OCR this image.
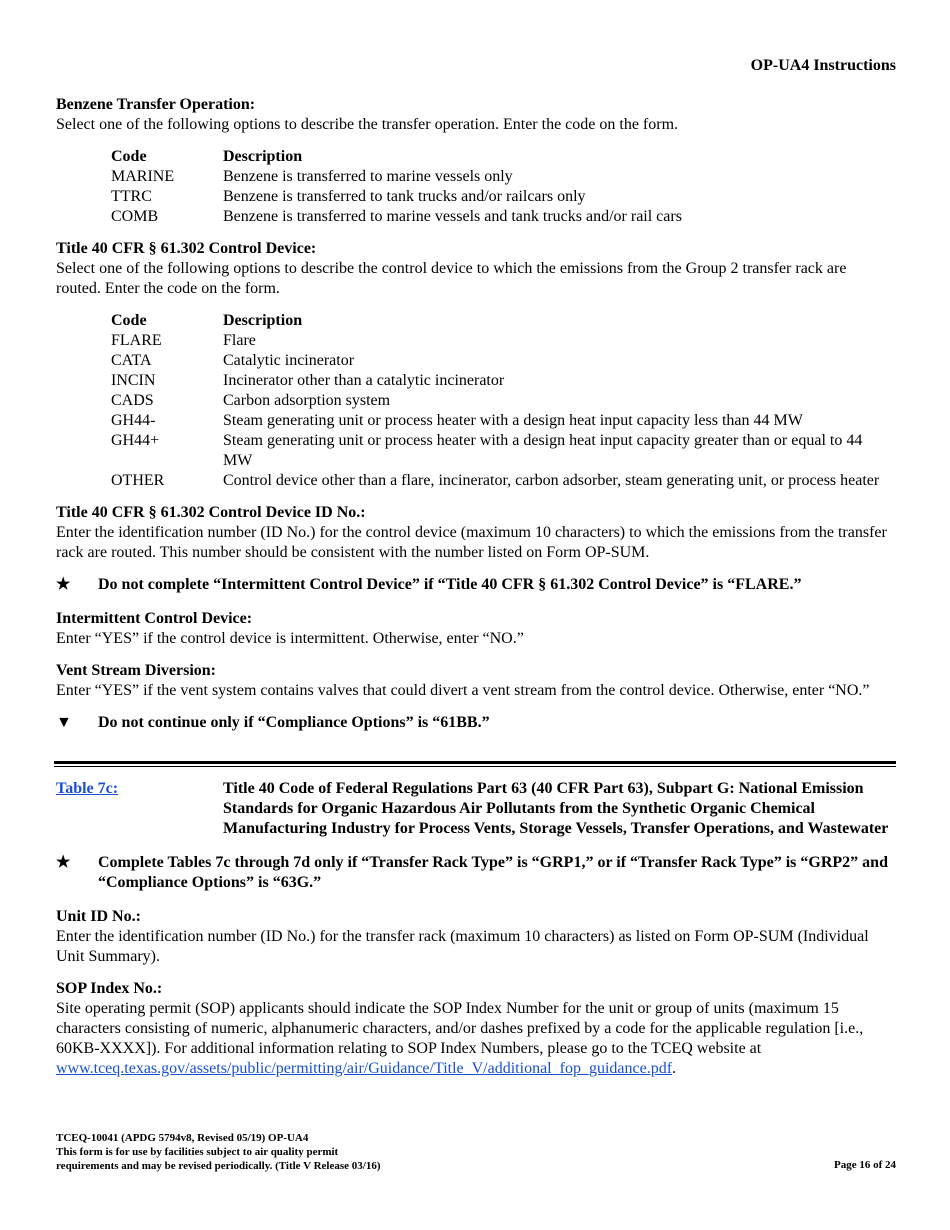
OP-UA4 Instructions
Benzene Transfer Operation:

Select one of the following options to describe the transfer operation. Enter the code on the form.

Code	Description
MARINE	Benzene is transferred to marine vessels only
TTRC	Benzene is transferred to tank trucks and/or railcars only
COMB	Benzene is transferred to marine vessels and tank trucks and/or rail cars
Title 40 CFR § 61.302 Control Device:

Select one of the following options to describe the control device to which the emissions from the Group 2 transfer rack are routed. Enter the code on the form.

Code	Description
FLARE	Flare
CATA	Catalytic incinerator
INCIN	Incinerator other than a catalytic incinerator
CADS	Carbon adsorption system
GH44-	Steam generating unit or process heater with a design heat input capacity less than 44 MW
GH44+	Steam generating unit or process heater with a design heat input capacity greater than or equal to 44 MW
OTHER	Control device other than a flare, incinerator, carbon adsorber, steam generating unit, or process heater
Title 40 CFR § 61.302 Control Device ID No.:

Enter the identification number (ID No.) for the control device (maximum 10 characters) to which the emissions from the transfer rack are routed. This number should be consistent with the number listed on Form OP-SUM.

★	Do not complete “Intermittent Control Device” if “Title 40 CFR § 61.302 Control Device” is “FLARE.”
Intermittent Control Device:

Enter “YES” if the control device is intermittent. Otherwise, enter “NO.”

Vent Stream Diversion:

Enter “YES” if the vent system contains valves that could divert a vent stream from the control device. Otherwise, enter “NO.”

▼	Do not continue only if “Compliance Options” is “61BB.”
Table 7c:	Title 40 Code of Federal Regulations Part 63 (40 CFR Part 63), Subpart G: National Emission Standards for Organic Hazardous Air Pollutants from the Synthetic Organic Chemical Manufacturing Industry for Process Vents, Storage Vessels, Transfer Operations, and Wastewater
★	Complete Tables 7c through 7d only if “Transfer Rack Type” is “GRP1,” or if “Transfer Rack Type” is “GRP2” and “Compliance Options” is “63G.”
Unit ID No.:

Enter the identification number (ID No.) for the transfer rack (maximum 10 characters) as listed on Form OP-SUM (Individual Unit Summary).

SOP Index No.:

Site operating permit (SOP) applicants should indicate the SOP Index Number for the unit or group of units (maximum 15 characters consisting of numeric, alphanumeric characters, and/or dashes prefixed by a code for the applicable regulation [i.e., 60KB-XXXX]). For additional information relating to SOP Index Numbers, please go to the TCEQ website at www.tceq.texas.gov/assets/public/permitting/air/Guidance/Title_V/additional_fop_guidance.pdf.

TCEQ-10041 (APDG 5794v8, Revised 05/19) OP-UA4
This form is for use by facilities subject to air quality permit
requirements and may be revised periodically. (Title V Release 03/16)	Page 16 of 24
